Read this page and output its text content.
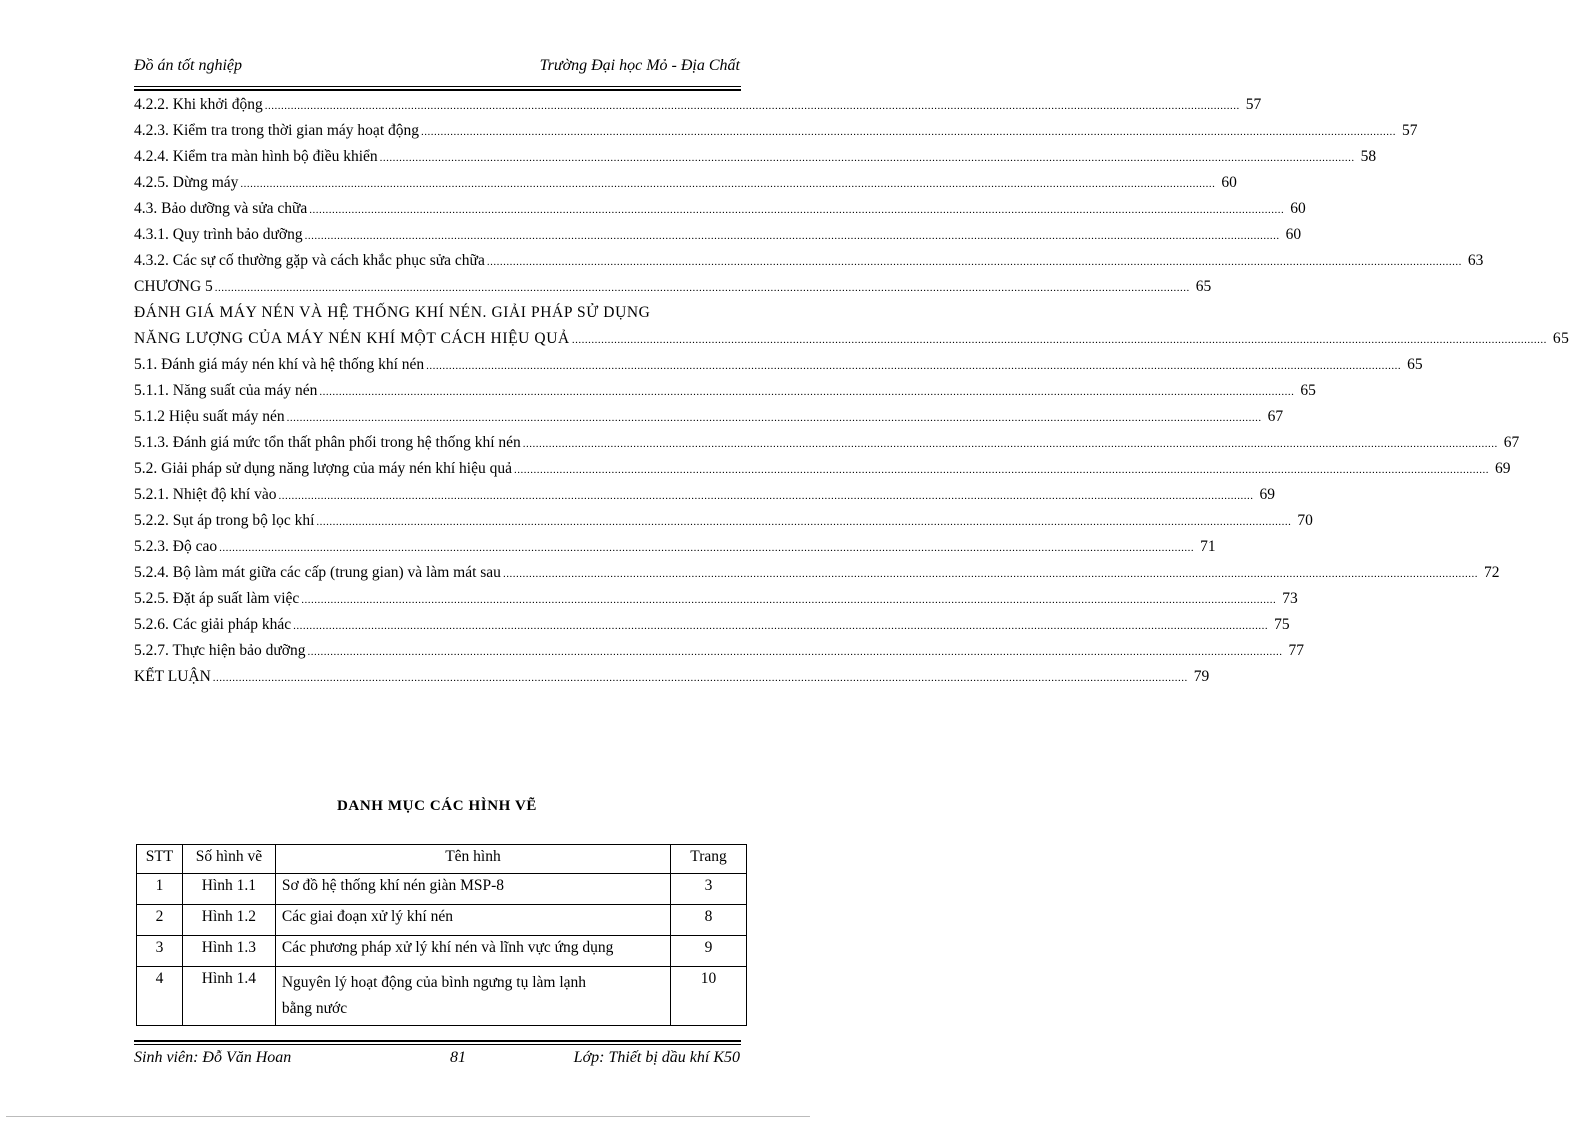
Đồ án tốt nghiệp	Trường Đại học Mỏ - Địa Chất
4.2.2. Khi khởi động ............................................................................................................................................................................................................................................................................................................ 57
4.2.3. Kiểm tra trong thời gian máy hoạt động ............................................................................................................................................................................................................................................................................................................ 57
4.2.4. Kiểm tra màn hình bộ điều khiển ............................................................................................................................................................................................................................................................................................................ 58
4.2.5. Dừng máy ............................................................................................................................................................................................................................................................................................................ 60
4.3. Bảo dưỡng và sửa chữa ............................................................................................................................................................................................................................................................................................................ 60
4.3.1. Quy trình bảo dưỡng ............................................................................................................................................................................................................................................................................................................ 60
4.3.2. Các sự cố thường gặp và cách khắc phục sửa chữa ............................................................................................................................................................................................................................................................................................................ 63
CHƯƠNG 5 ............................................................................................................................................................................................................................................................................................................ 65
ĐÁNH GIÁ MÁY NÉN VÀ HỆ THỐNG KHÍ NÉN. GIẢI PHÁP SỬ DỤNG
NĂNG LƯỢNG CỦA MÁY NÉN KHÍ MỘT CÁCH HIỆU QUẢ ............................................................................................................................................................................................................................................................................................................ 65
5.1. Đánh giá máy nén khí và hệ thống khí nén ............................................................................................................................................................................................................................................................................................................ 65
5.1.1. Năng suất của máy nén ............................................................................................................................................................................................................................................................................................................ 65
5.1.2 Hiệu suất máy nén ............................................................................................................................................................................................................................................................................................................ 67
5.1.3. Đánh giá mức tổn thất phân phối trong hệ thống khí nén ............................................................................................................................................................................................................................................................................................................ 67
5.2. Giải pháp sử dụng năng lượng của máy nén khí hiệu quả ............................................................................................................................................................................................................................................................................................................ 69
5.2.1. Nhiệt độ khí vào ............................................................................................................................................................................................................................................................................................................ 69
5.2.2. Sụt áp trong bộ lọc khí ............................................................................................................................................................................................................................................................................................................ 70
5.2.3. Độ cao ............................................................................................................................................................................................................................................................................................................ 71
5.2.4. Bộ làm mát giữa các cấp (trung gian) và làm mát sau ............................................................................................................................................................................................................................................................................................................ 72
5.2.5. Đặt áp suất làm việc ............................................................................................................................................................................................................................................................................................................ 73
5.2.6. Các giải pháp khác ............................................................................................................................................................................................................................................................................................................ 75
5.2.7. Thực hiện bảo dưỡng ............................................................................................................................................................................................................................................................................................................ 77
KẾT LUẬN ............................................................................................................................................................................................................................................................................................................ 79
DANH MỤC CÁC HÌNH VẼ
STT	Số hình vẽ	Tên hình	Trang
1	Hình 1.1	Sơ đồ hệ thống khí nén giàn MSP-8	3
2	Hình 1.2	Các giai đoạn xử lý khí nén	8
3	Hình 1.3	Các phương pháp xử lý khí nén và lĩnh vực ứng dụng	9
4	Hình 1.4	Nguyên lý hoạt động của bình ngưng tụ làm lạnh
bằng nước	10
Sinh viên: Đỗ Văn Hoan	81	Lớp: Thiết bị dầu khí K50
